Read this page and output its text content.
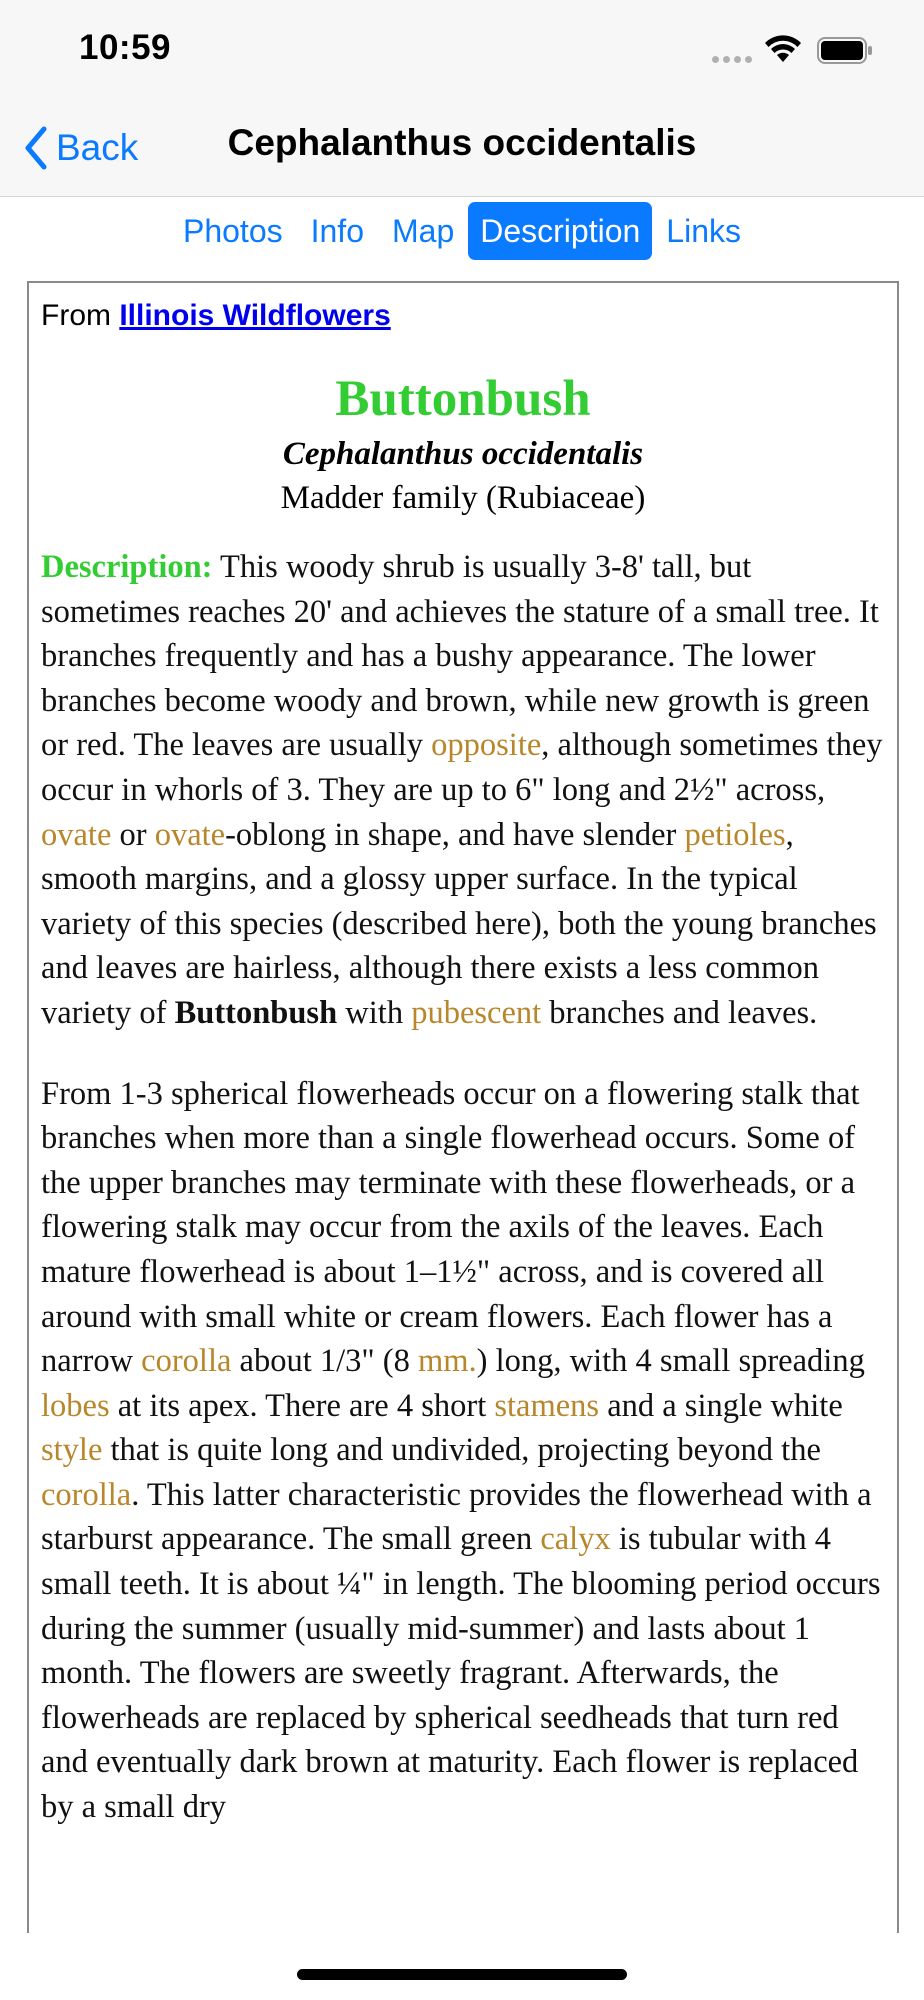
10:59
Back	Cephalanthus occidentalis
Photos Info Map Description Links

From Illinois Wildflowers

Buttonbush

Cephalanthus occidentalis

Madder family (Rubiaceae)

Description: This woody shrub is usually 3-8' tall, but sometimes reaches 20' and achieves the stature of a small tree. It branches frequently and has a bushy appearance. The lower branches become woody and brown, while new growth is green or red. The leaves are usually opposite, although sometimes they occur in whorls of 3. They are up to 6" long and 2½" across, ovate or ovate-oblong in shape, and have slender petioles, smooth margins, and a glossy upper surface. In the typical variety of this species (described here), both the young branches and leaves are hairless, although there exists a less common variety of Buttonbush with pubescent branches and leaves.

From 1-3 spherical flowerheads occur on a flowering stalk that branches when more than a single flowerhead occurs. Some of the upper branches may terminate with these flowerheads, or a flowering stalk may occur from the axils of the leaves. Each mature flowerhead is about 1–1½" across, and is covered all around with small white or cream flowers. Each flower has a narrow corolla about 1/3" (8 mm.) long, with 4 small spreading lobes at its apex. There are 4 short stamens and a single white style that is quite long and undivided, projecting beyond the corolla. This latter characteristic provides the flowerhead with a starburst appearance. The small green calyx is tubular with 4 small teeth. It is about ¼" in length. The blooming period occurs during the summer (usually mid-summer) and lasts about 1 month. The flowers are sweetly fragrant. Afterwards, the flowerheads are replaced by spherical seedheads that turn red and eventually dark brown at maturity. Each flower is replaced by a small dry
